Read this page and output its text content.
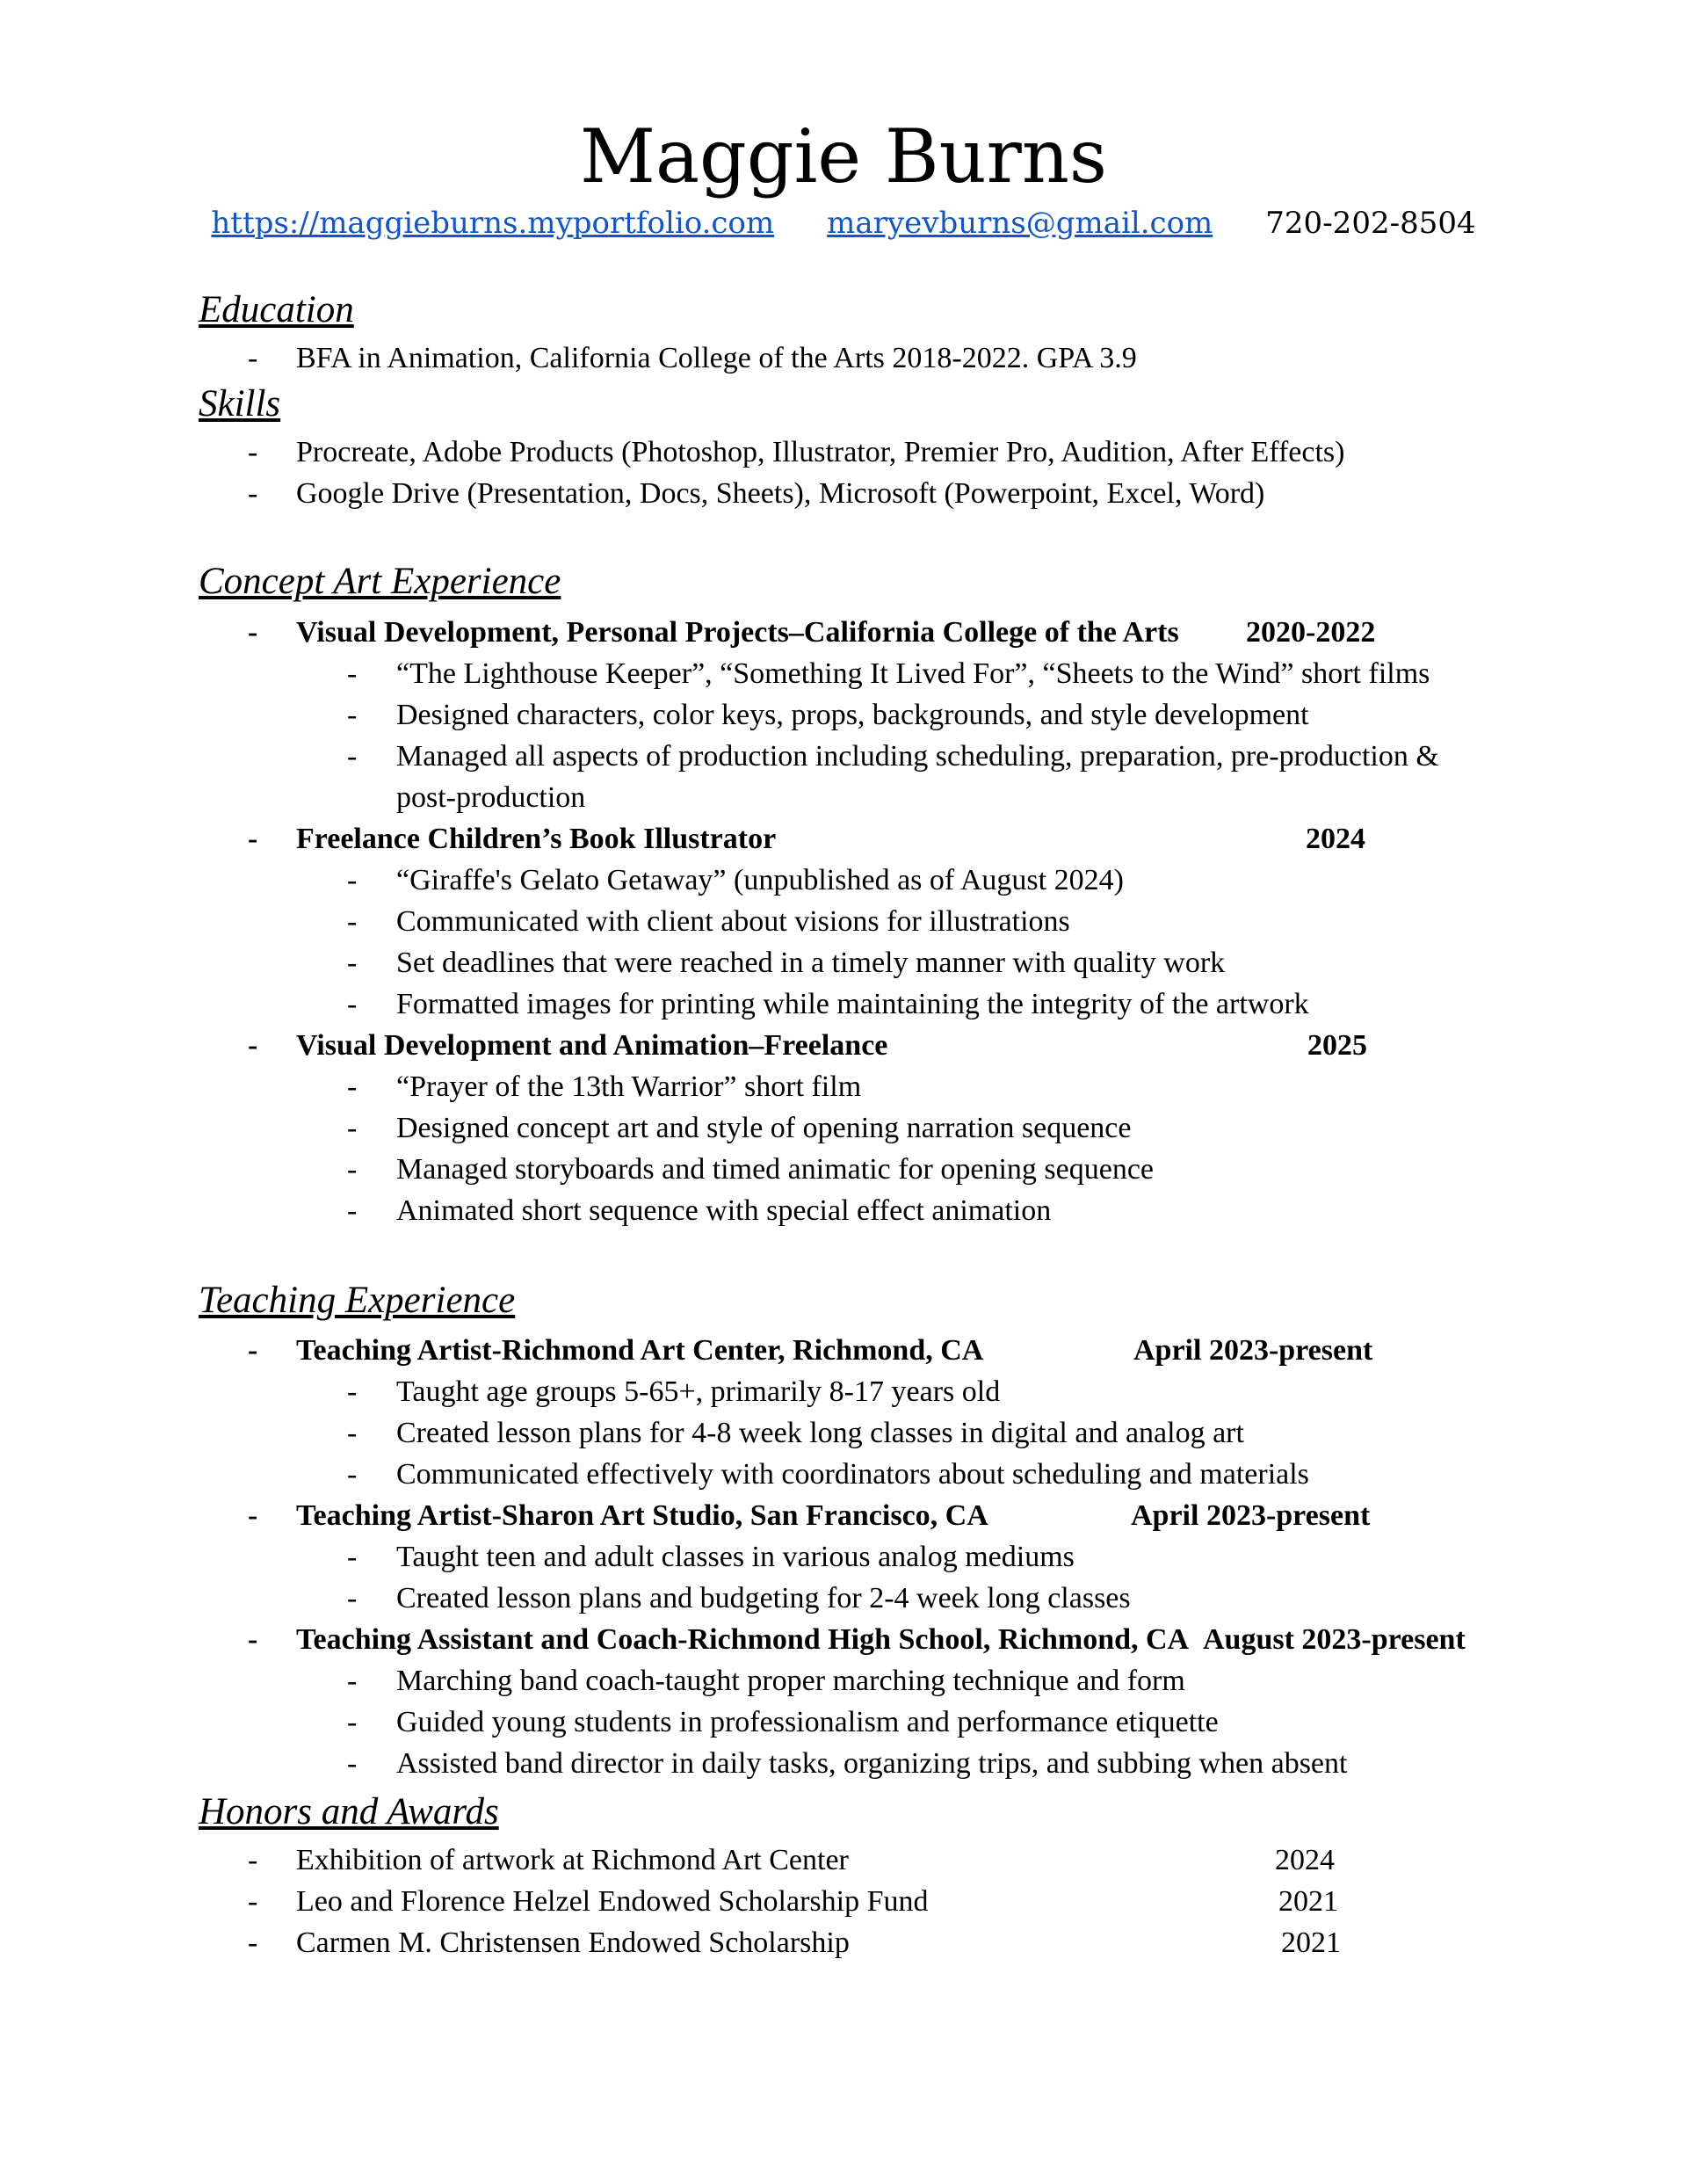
Maggie Burns
https://maggieburns.myportfolio.com maryevburns@gmail.com 720-202-8504
Education
- BFA in Animation, California College of the Arts 2018-2022. GPA 3.9
Skills
- Procreate, Adobe Products (Photoshop, Illustrator, Premier Pro, Audition, After Effects)
- Google Drive (Presentation, Docs, Sheets), Microsoft (Powerpoint, Excel, Word)
Concept Art Experience
- Visual Development, Personal Projects–California College of the Arts 2020-2022
- “The Lighthouse Keeper”, “Something It Lived For”, “Sheets to the Wind” short films
- Designed characters, color keys, props, backgrounds, and style development
- Managed all aspects of production including scheduling, preparation, pre-production &
post-production
- Freelance Children’s Book Illustrator	2024
- “Giraffe's Gelato Getaway” (unpublished as of August 2024)
- Communicated with client about visions for illustrations
- Set deadlines that were reached in a timely manner with quality work
- Formatted images for printing while maintaining the integrity of the artwork
- Visual Development and Animation–Freelance	2025
- “Prayer of the 13th Warrior” short film
- Designed concept art and style of opening narration sequence
- Managed storyboards and timed animatic for opening sequence
- Animated short sequence with special effect animation
Teaching Experience
- Teaching Artist-Richmond Art Center, Richmond, CA	April 2023-present
- Taught age groups 5-65+, primarily 8-17 years old
- Created lesson plans for 4-8 week long classes in digital and analog art
- Communicated effectively with coordinators about scheduling and materials
- Teaching Artist-Sharon Art Studio, San Francisco, CA	April 2023-present
- Taught teen and adult classes in various analog mediums
- Created lesson plans and budgeting for 2-4 week long classes
- Teaching Assistant and Coach-Richmond High School, Richmond, CA August 2023-present
- Marching band coach-taught proper marching technique and form
- Guided young students in professionalism and performance etiquette
- Assisted band director in daily tasks, organizing trips, and subbing when absent
Honors and Awards
- Exhibition of artwork at Richmond Art Center	2024
- Leo and Florence Helzel Endowed Scholarship Fund	2021
- Carmen M. Christensen Endowed Scholarship	2021
